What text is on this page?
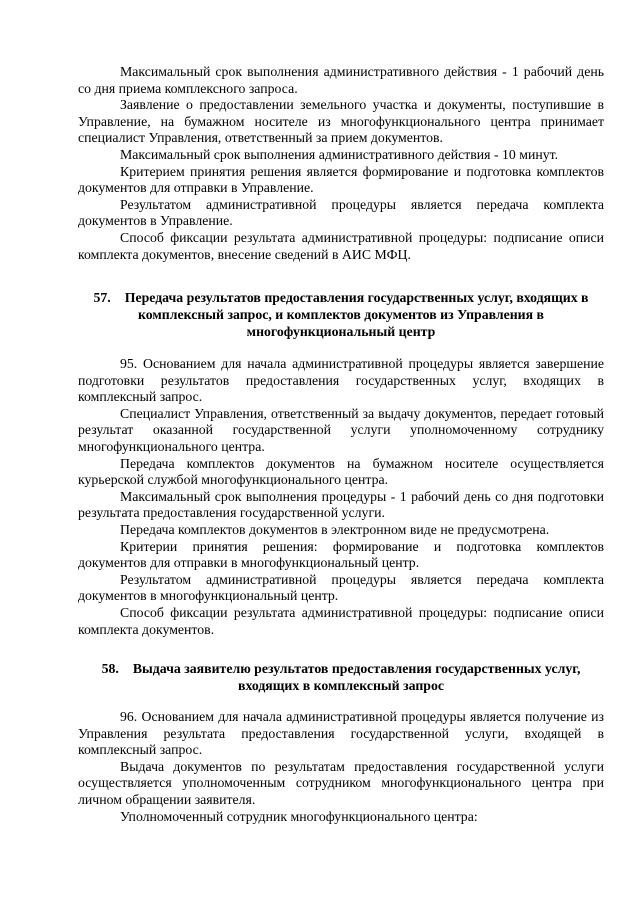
Максимальный срок выполнения административного действия - 1 рабочий день со дня приема комплексного запроса.
Заявление о предоставлении земельного участка и документы, поступившие в Управление, на бумажном носителе из многофункционального центра принимает специалист Управления, ответственный за прием документов.
Максимальный срок выполнения административного действия - 10 минут.
Критерием принятия решения является формирование и подготовка комплектов документов для отправки в Управление.
Результатом административной процедуры является передача комплекта документов в Управление.
Способ фиксации результата административной процедуры: подписание описи комплекта документов, внесение сведений в АИС МФЦ.
57. Передача результатов предоставления государственных услуг, входящих в комплексный запрос, и комплектов документов из Управления в многофункциональный центр
95. Основанием для начала административной процедуры является завершение подготовки результатов предоставления государственных услуг, входящих в комплексный запрос.
Специалист Управления, ответственный за выдачу документов, передает готовый результат оказанной государственной услуги уполномоченному сотруднику многофункционального центра.
Передача комплектов документов на бумажном носителе осуществляется курьерской службой многофункционального центра.
Максимальный срок выполнения процедуры - 1 рабочий день со дня подготовки результата предоставления государственной услуги.
Передача комплектов документов в электронном виде не предусмотрена.
Критерии принятия решения: формирование и подготовка комплектов документов для отправки в многофункциональный центр.
Результатом административной процедуры является передача комплекта документов в многофункциональный центр.
Способ фиксации результата административной процедуры: подписание описи комплекта документов.
58. Выдача заявителю результатов предоставления государственных услуг, входящих в комплексный запрос
96. Основанием для начала административной процедуры является получение из Управления результата предоставления государственной услуги, входящей в комплексный запрос.
Выдача документов по результатам предоставления государственной услуги осуществляется уполномоченным сотрудником многофункционального центра при личном обращении заявителя.
Уполномоченный сотрудник многофункционального центра:
